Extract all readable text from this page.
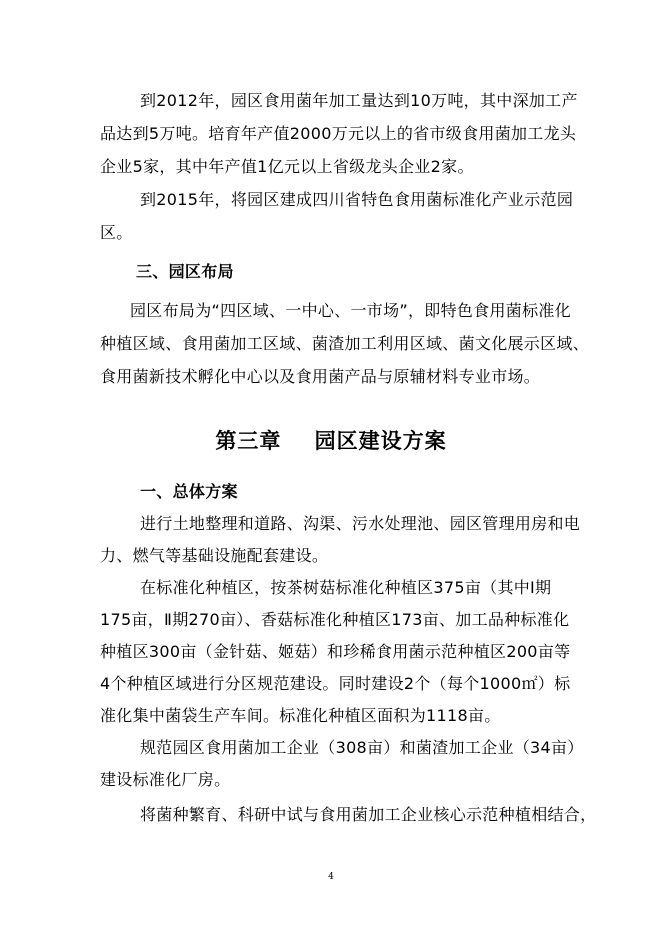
到2012年，园区食用菌年加工量达到10万吨，其中深加工产
品达到5万吨。培育年产值2000万元以上的省市级食用菌加工龙头
企业5家，其中年产值1亿元以上省级龙头企业2家。
到2015年，将园区建成四川省特色食用菌标准化产业示范园
区。
三、园区布局
园区布局为“四区域、一中心、一市场”，即特色食用菌标准化
种植区域、食用菌加工区域、菌渣加工利用区域、菌文化展示区域、
食用菌新技术孵化中心以及食用菌产品与原辅材料专业市场。
第三章    园区建设方案
一、总体方案
进行土地整理和道路、沟渠、污水处理池、园区管理用房和电
力、燃气等基础设施配套建设。
在标准化种植区，按茶树菇标准化种植区375亩（其中Ⅰ期
175亩，Ⅱ期270亩）、香菇标准化种植区173亩、加工品种标准化
种植区300亩（金针菇、姬菇）和珍稀食用菌示范种植区200亩等
4个种植区域进行分区规范建设。同时建设2个（每个1000㎡）标
准化集中菌袋生产车间。标准化种植区面积为1118亩。
规范园区食用菌加工企业（308亩）和菌渣加工企业（34亩）
建设标准化厂房。
将菌种繁育、科研中试与食用菌加工企业核心示范种植相结合，
4
